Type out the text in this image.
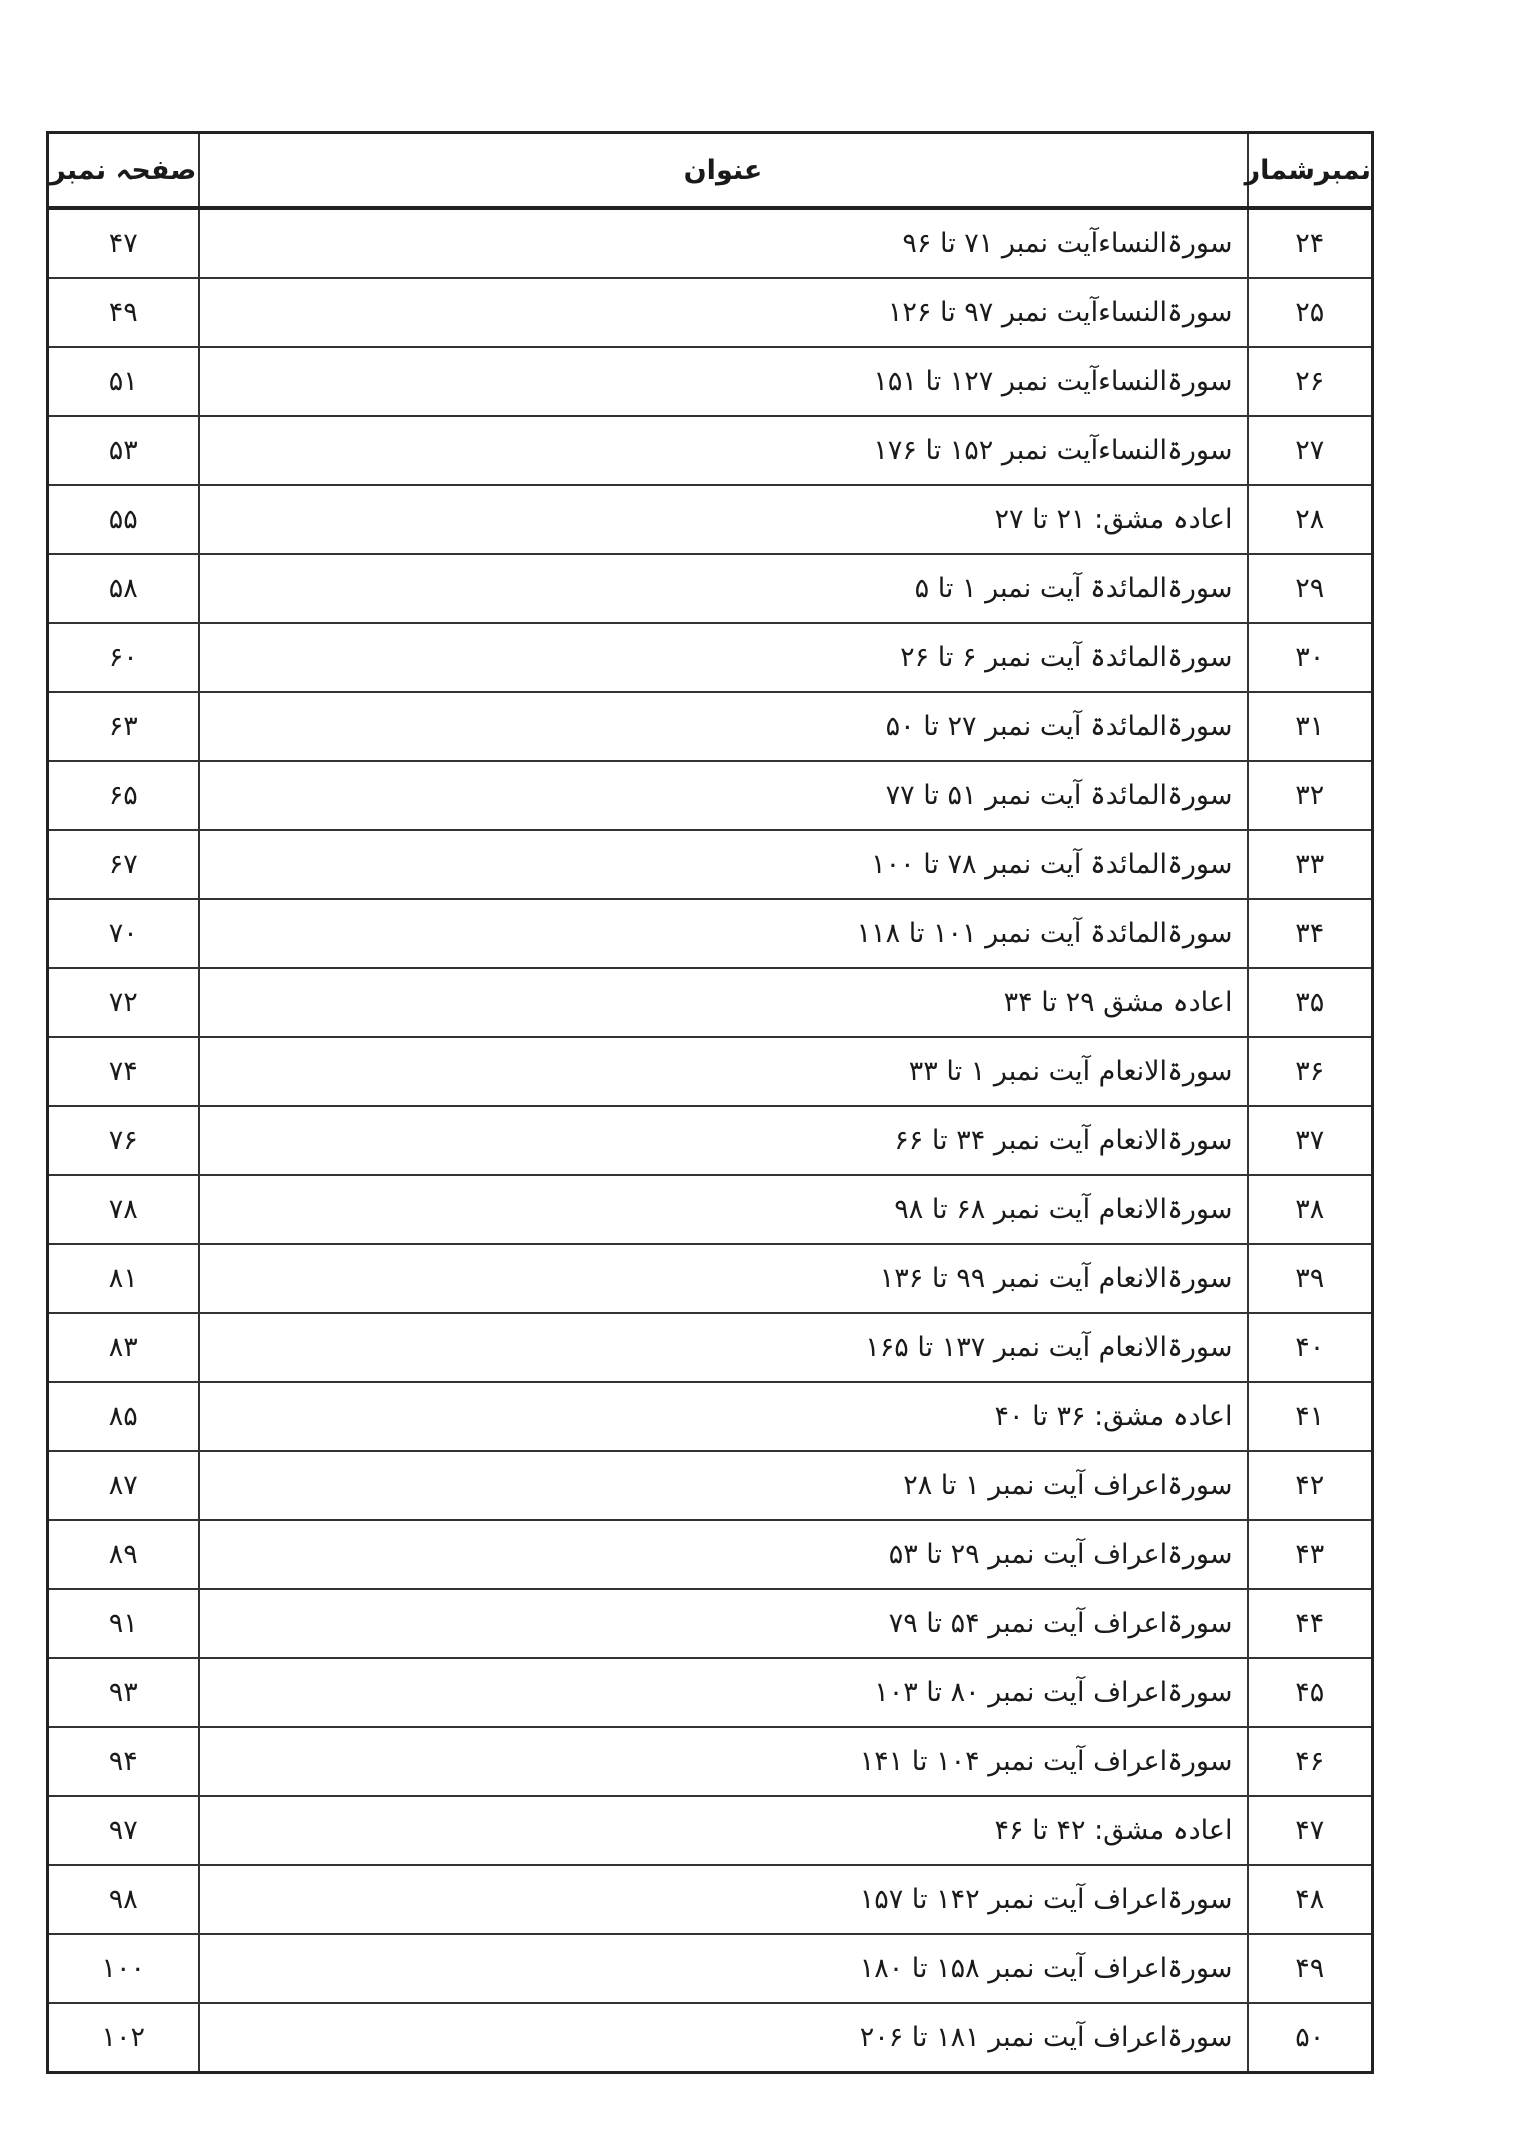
نمبرشمار	عنوان	صفحہ نمبر
۲۴	سورۃالنساءآیت نمبر ۷۱ تا ۹۶	۴۷
۲۵	سورۃالنساءآیت نمبر ۹۷ تا ۱۲۶	۴۹
۲۶	سورۃالنساءآیت نمبر ۱۲۷ تا ۱۵۱	۵۱
۲۷	سورۃالنساءآیت نمبر ۱۵۲ تا ۱۷۶	۵۳
۲۸	اعادہ مشق: ۲۱ تا ۲۷	۵۵
۲۹	سورۃالمائدۃ آیت نمبر ۱ تا ۵	۵۸
۳۰	سورۃالمائدۃ آیت نمبر ۶ تا ۲۶	۶۰
۳۱	سورۃالمائدۃ آیت نمبر ۲۷ تا ۵۰	۶۳
۳۲	سورۃالمائدۃ آیت نمبر ۵۱ تا ۷۷	۶۵
۳۳	سورۃالمائدۃ آیت نمبر ۷۸ تا ۱۰۰	۶۷
۳۴	سورۃالمائدۃ آیت نمبر ۱۰۱ تا ۱۱۸	۷۰
۳۵	اعادہ مشق ۲۹ تا ۳۴	۷۲
۳۶	سورۃالانعام آیت نمبر ۱ تا ۳۳	۷۴
۳۷	سورۃالانعام آیت نمبر ۳۴ تا ۶۶	۷۶
۳۸	سورۃالانعام آیت نمبر ۶۸ تا ۹۸	۷۸
۳۹	سورۃالانعام آیت نمبر ۹۹ تا ۱۳۶	۸۱
۴۰	سورۃالانعام آیت نمبر ۱۳۷ تا ۱۶۵	۸۳
۴۱	اعادہ مشق: ۳۶ تا ۴۰	۸۵
۴۲	سورۃاعراف آیت نمبر ۱ تا ۲۸	۸۷
۴۳	سورۃاعراف آیت نمبر ۲۹ تا ۵۳	۸۹
۴۴	سورۃاعراف آیت نمبر ۵۴ تا ۷۹	۹۱
۴۵	سورۃاعراف آیت نمبر ۸۰ تا ۱۰۳	۹۳
۴۶	سورۃاعراف آیت نمبر ۱۰۴ تا ۱۴۱	۹۴
۴۷	اعادہ مشق: ۴۲ تا ۴۶	۹۷
۴۸	سورۃاعراف آیت نمبر ۱۴۲ تا ۱۵۷	۹۸
۴۹	سورۃاعراف آیت نمبر ۱۵۸ تا ۱۸۰	۱۰۰
۵۰	سورۃاعراف آیت نمبر ۱۸۱ تا ۲۰۶	۱۰۲
